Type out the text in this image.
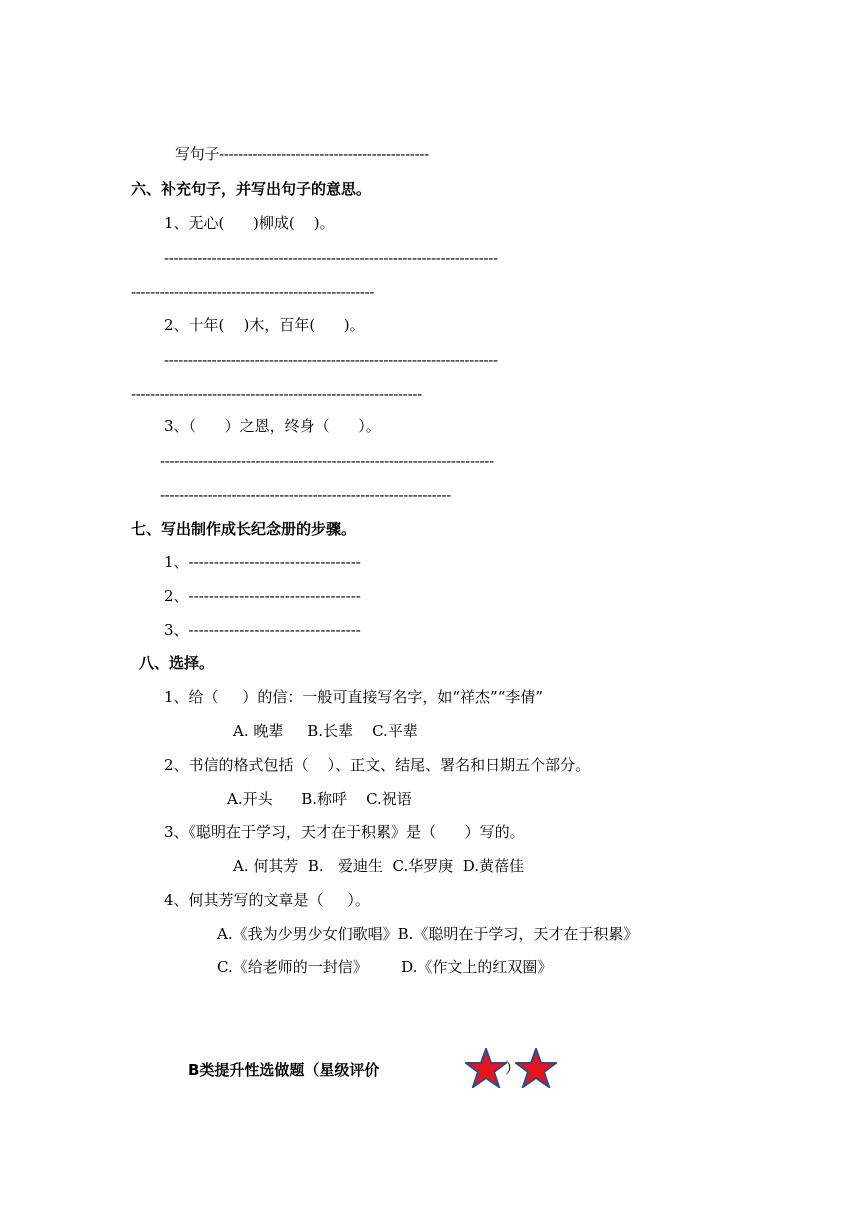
写句子--------------------------------------------
六、补充句子，并写出句子的意思。
1、无心(      )柳成(    )。
----------------------------------------------------------------------
---------------------------------------------------
2、十年(    )木，百年(      )。
----------------------------------------------------------------------
-------------------------------------------------------------
3、（      ）之恩，终身（      ）。
----------------------------------------------------------------------
-------------------------------------------------------------
七、写出制作成长纪念册的步骤。
1、----------------------------------
2、----------------------------------
3、----------------------------------
八、选择。
1、给（     ）的信：一般可直接写名字，如“祥杰”“李倩”
A. 晚辈     B.长辈    C.平辈
2、书信的格式包括（    ）、正文、结尾、署名和日期五个部分。
A.开头      B.称呼    C.祝语
3、《聪明在于学习，天才在于积累》是（      ）写的。
A. 何其芳  B.   爱迪生  C.华罗庚  D.黄蓓佳
4、何其芳写的文章是（     ）。
A.《我为少男少女们歌唱》B.《聪明在于学习，天才在于积累》
C.《给老师的一封信》       D.《作文上的红双圈》
B类提升性选做题（星级评价	）
